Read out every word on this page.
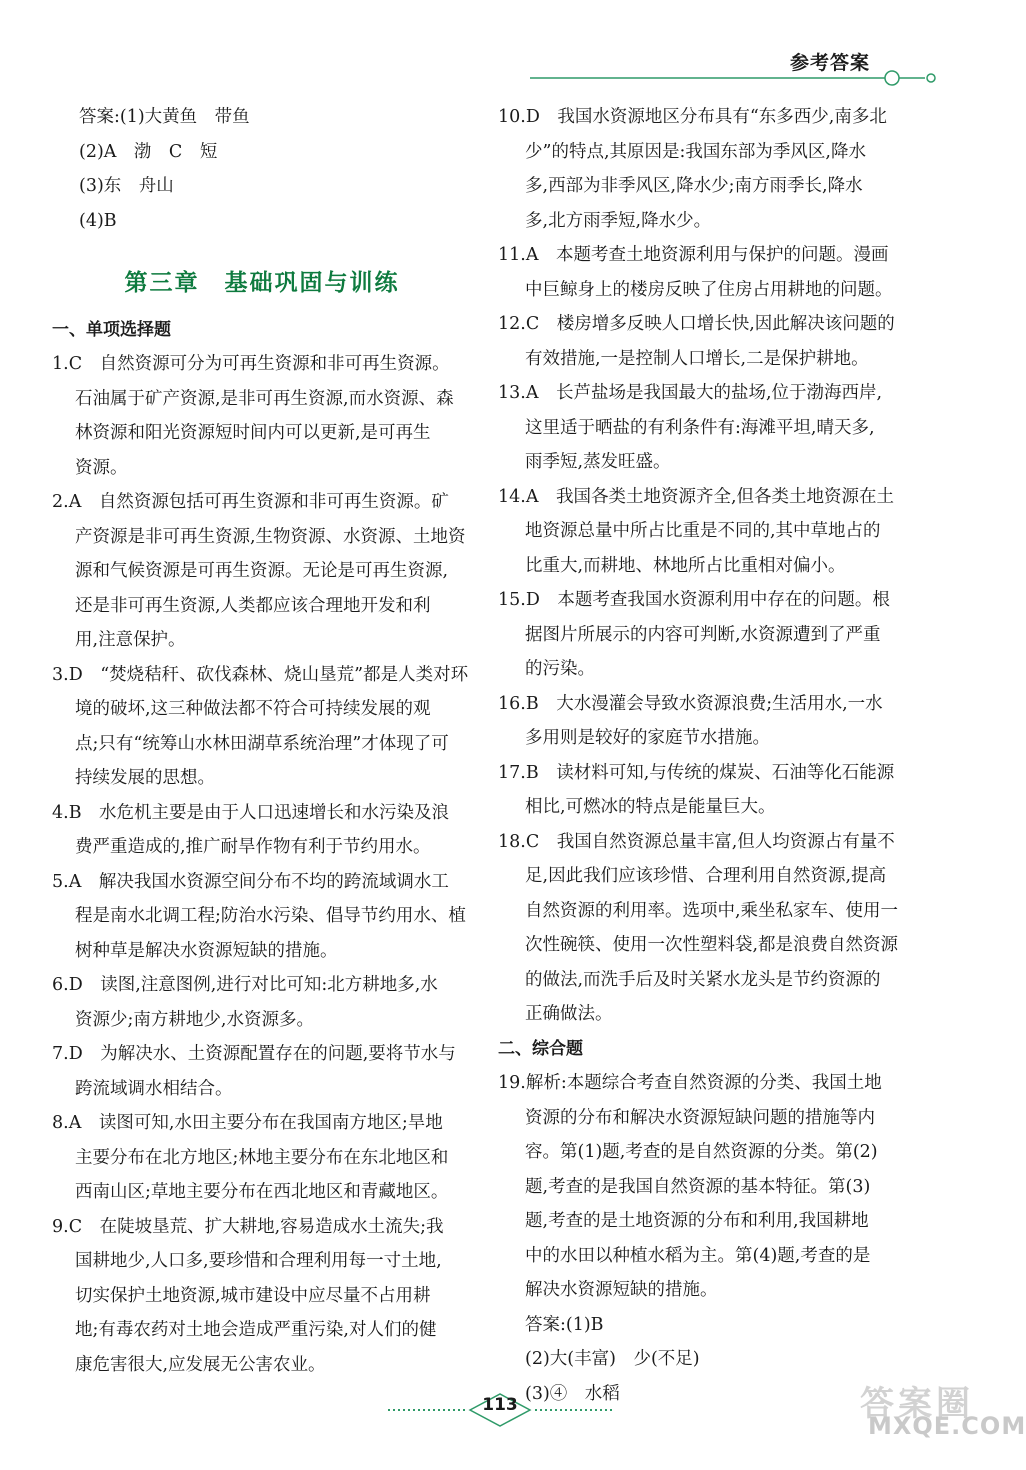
参考答案
答案:(1)大黄鱼　带鱼
(2)A　渤　C　短
(3)东　舟山
(4)B
第三章　基础巩固与训练
一、单项选择题
1.C　自然资源可分为可再生资源和非可再生资源。
石油属于矿产资源,是非可再生资源,而水资源、森
林资源和阳光资源短时间内可以更新,是可再生
资源。
2.A　自然资源包括可再生资源和非可再生资源。矿
产资源是非可再生资源,生物资源、水资源、土地资
源和气候资源是可再生资源。无论是可再生资源,
还是非可再生资源,人类都应该合理地开发和利
用,注意保护。
3.D　“焚烧秸秆、砍伐森林、烧山垦荒”都是人类对环
境的破坏,这三种做法都不符合可持续发展的观
点;只有“统筹山水林田湖草系统治理”才体现了可
持续发展的思想。
4.B　水危机主要是由于人口迅速增长和水污染及浪
费严重造成的,推广耐旱作物有利于节约用水。
5.A　解决我国水资源空间分布不均的跨流域调水工
程是南水北调工程;防治水污染、倡导节约用水、植
树种草是解决水资源短缺的措施。
6.D　读图,注意图例,进行对比可知:北方耕地多,水
资源少;南方耕地少,水资源多。
7.D　为解决水、土资源配置存在的问题,要将节水与
跨流域调水相结合。
8.A　读图可知,水田主要分布在我国南方地区;旱地
主要分布在北方地区;林地主要分布在东北地区和
西南山区;草地主要分布在西北地区和青藏地区。
9.C　在陡坡垦荒、扩大耕地,容易造成水土流失;我
国耕地少,人口多,要珍惜和合理利用每一寸土地,
切实保护土地资源,城市建设中应尽量不占用耕
地;有毒农药对土地会造成严重污染,对人们的健
康危害很大,应发展无公害农业。
10.D　我国水资源地区分布具有“东多西少,南多北
少”的特点,其原因是:我国东部为季风区,降水
多,西部为非季风区,降水少;南方雨季长,降水
多,北方雨季短,降水少。
11.A　本题考查土地资源利用与保护的问题。漫画
中巨鲸身上的楼房反映了住房占用耕地的问题。
12.C　楼房增多反映人口增长快,因此解决该问题的
有效措施,一是控制人口增长,二是保护耕地。
13.A　长芦盐场是我国最大的盐场,位于渤海西岸,
这里适于晒盐的有利条件有:海滩平坦,晴天多,
雨季短,蒸发旺盛。
14.A　我国各类土地资源齐全,但各类土地资源在土
地资源总量中所占比重是不同的,其中草地占的
比重大,而耕地、林地所占比重相对偏小。
15.D　本题考查我国水资源利用中存在的问题。根
据图片所展示的内容可判断,水资源遭到了严重
的污染。
16.B　大水漫灌会导致水资源浪费;生活用水,一水
多用则是较好的家庭节水措施。
17.B　读材料可知,与传统的煤炭、石油等化石能源
相比,可燃冰的特点是能量巨大。
18.C　我国自然资源总量丰富,但人均资源占有量不
足,因此我们应该珍惜、合理利用自然资源,提高
自然资源的利用率。选项中,乘坐私家车、使用一
次性碗筷、使用一次性塑料袋,都是浪费自然资源
的做法,而洗手后及时关紧水龙头是节约资源的
正确做法。
二、综合题
19.解析:本题综合考查自然资源的分类、我国土地
资源的分布和解决水资源短缺问题的措施等内
容。第(1)题,考查的是自然资源的分类。第(2)
题,考查的是我国自然资源的基本特征。第(3)
题,考查的是土地资源的分布和利用,我国耕地
中的水田以种植水稻为主。第(4)题,考查的是
解决水资源短缺的措施。
答案:(1)B
(2)大(丰富)　少(不足)
(3)④　水稻
113	答案圈
MXQE.COM
